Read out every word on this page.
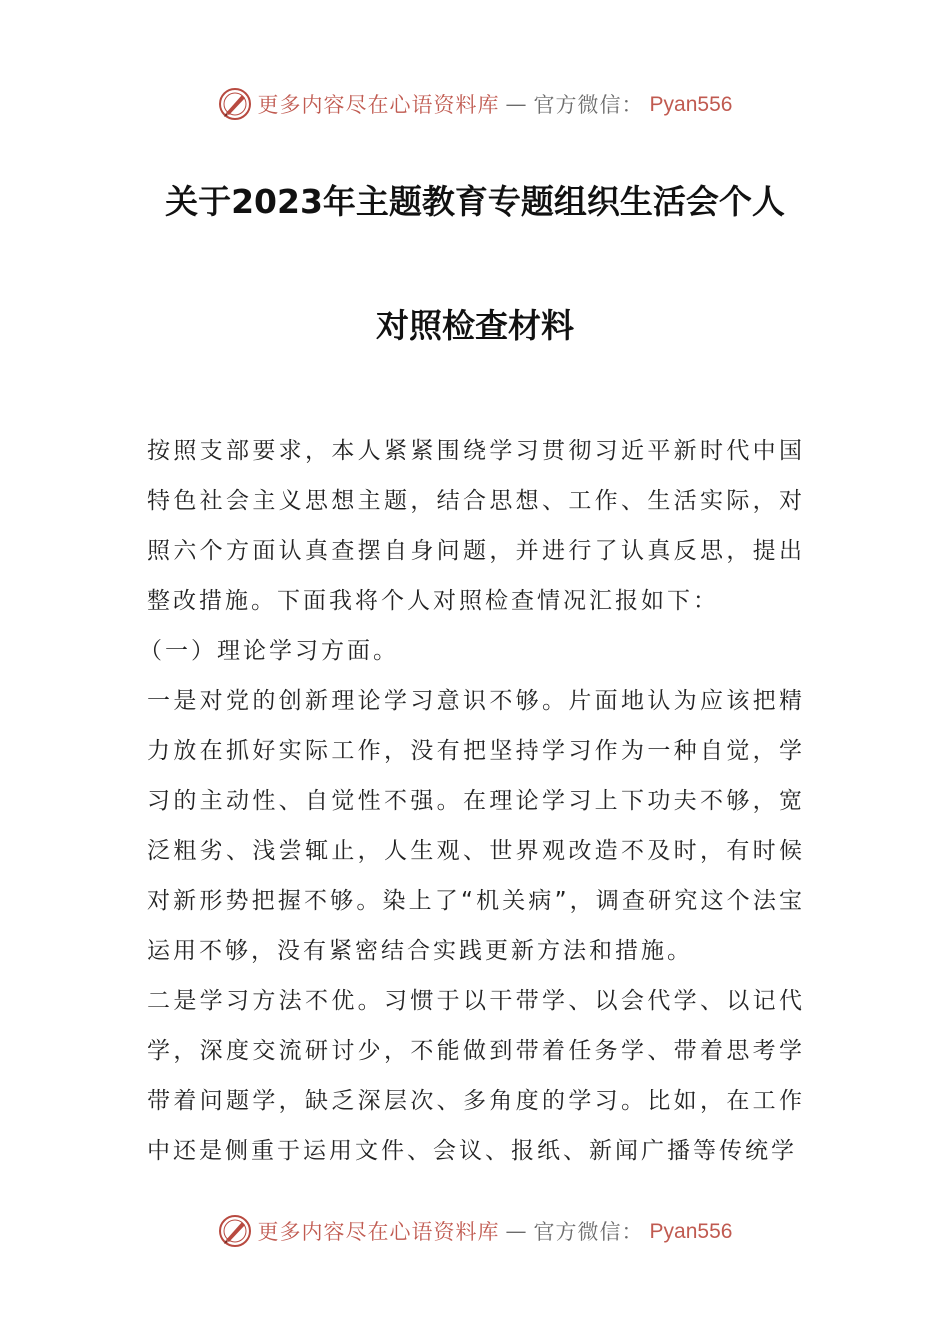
更多内容尽在心语资料库 — 官方微信： Pyan556
关于2023年主题教育专题组织生活会个人
对照检查材料

按照支部要求，本人紧紧围绕学习贯彻习近平新时代中国特色社会主义思想主题，结合思想、工作、生活实际，对照六个方面认真查摆自身问题，并进行了认真反思，提出整改措施。下面我将个人对照检查情况汇报如下：

（一）理论学习方面。

一是对党的创新理论学习意识不够。片面地认为应该把精力放在抓好实际工作，没有把坚持学习作为一种自觉，学习的主动性、自觉性不强。在理论学习上下功夫不够，宽泛粗劣、浅尝辄止，人生观、世界观改造不及时，有时候对新形势把握不够。染上了“机关病”，调查研究这个法宝运用不够，没有紧密结合实践更新方法和措施。

二是学习方法不优。习惯于以干带学、以会代学、以记代学，深度交流研讨少，不能做到带着任务学、带着思考学带着问题学，缺乏深层次、多角度的学习。比如，在工作中还是侧重于运用文件、会议、报纸、新闻广播等传统学

更多内容尽在心语资料库 — 官方微信： Pyan556
